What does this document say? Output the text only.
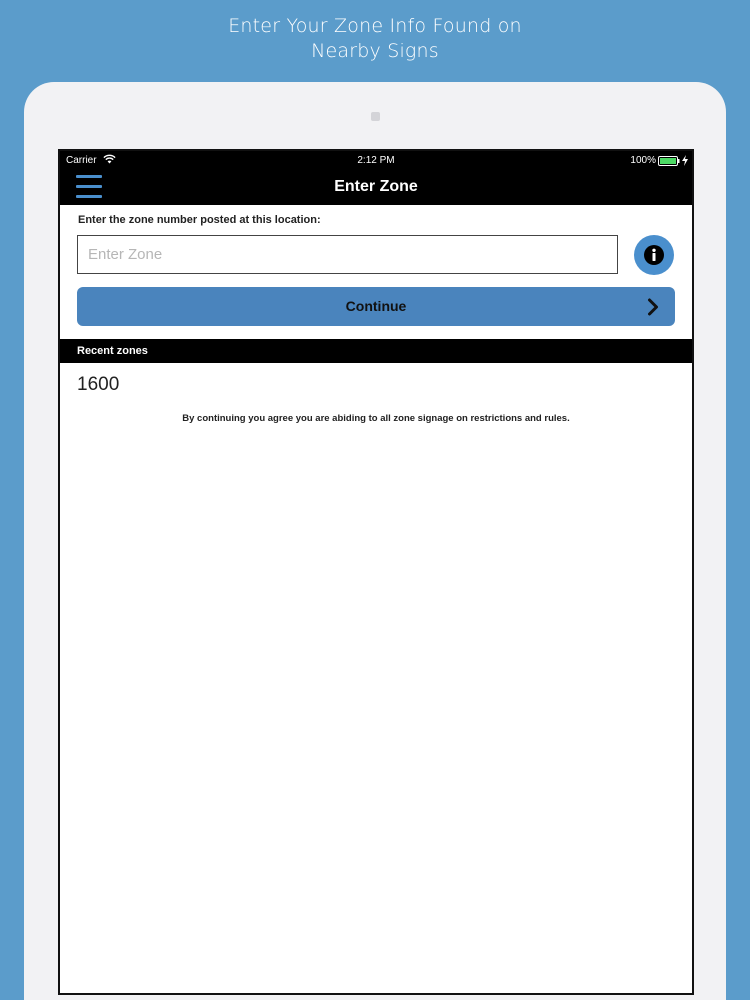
Enter Your Zone Info Found on
Nearby Signs
Carrier	2:12 PM	100%
Enter Zone
Enter the zone number posted at this location:
Enter Zone
Continue
Recent zones
1600
By continuing you agree you are abiding to all zone signage on restrictions and rules.
